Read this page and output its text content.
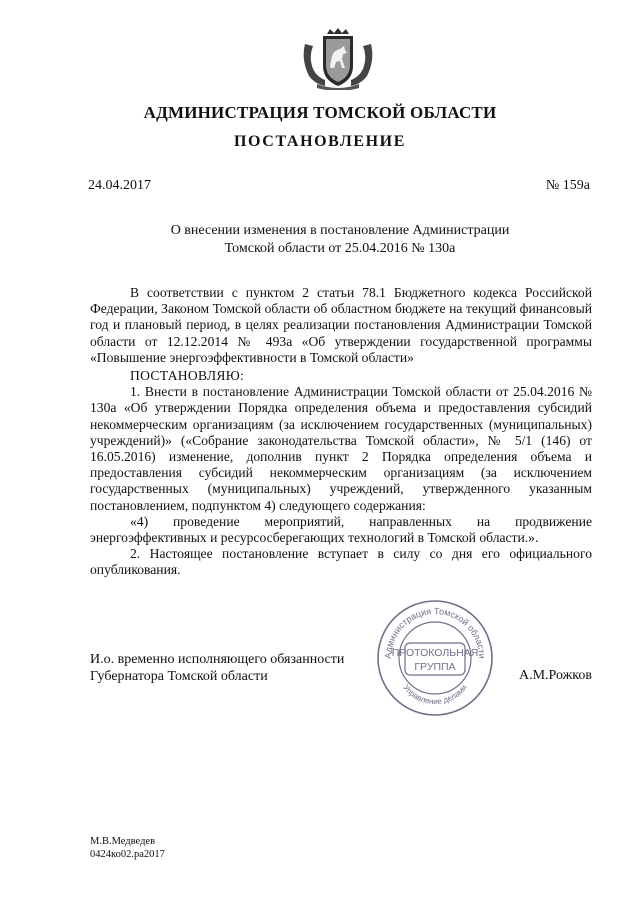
АДМИНИСТРАЦИЯ ТОМСКОЙ ОБЛАСТИ
ПОСТАНОВЛЕНИЕ
24.04.2017	№ 159а
О внесении изменения в постановление Администрации
Томской области от 25.04.2016 № 130а

В соответствии с пунктом 2 статьи 78.1 Бюджетного кодекса Российской Федерации, Законом Томской области об областном бюджете на текущий финансовый год и плановый период, в целях реализации постановления Администрации Томской области от 12.12.2014 № 493а «Об утверждении государственной программы «Повышение энергоэффективности в Томской области»

ПОСТАНОВЛЯЮ:

1. Внести в постановление Администрации Томской области от 25.04.2016 № 130а «Об утверждении Порядка определения объема и предоставления субсидий некоммерческим организациям (за исключением государственных (муниципальных) учреждений)» («Собрание законодательства Томской области», № 5/1 (146) от 16.05.2016) изменение, дополнив пункт 2 Порядка определения объема и предоставления субсидий некоммерческим организациям (за исключением государственных (муниципальных) учреждений, утвержденного указанным постановлением, подпунктом 4) следующего содержания:

«4) проведение мероприятий, направленных на продвижение энергоэффективных и ресурсосберегающих технологий в Томской области.».

2. Настоящее постановление вступает в силу со дня его официального опубликования.

Администрация Томской области
Управление делами
ПРОТОКОЛЬНАЯ
ГРУППА
И.о. временно исполняющего обязанности
Губернатора Томской области	А.М.Рожков
М.В.Медведев
0424ко02.ра2017
